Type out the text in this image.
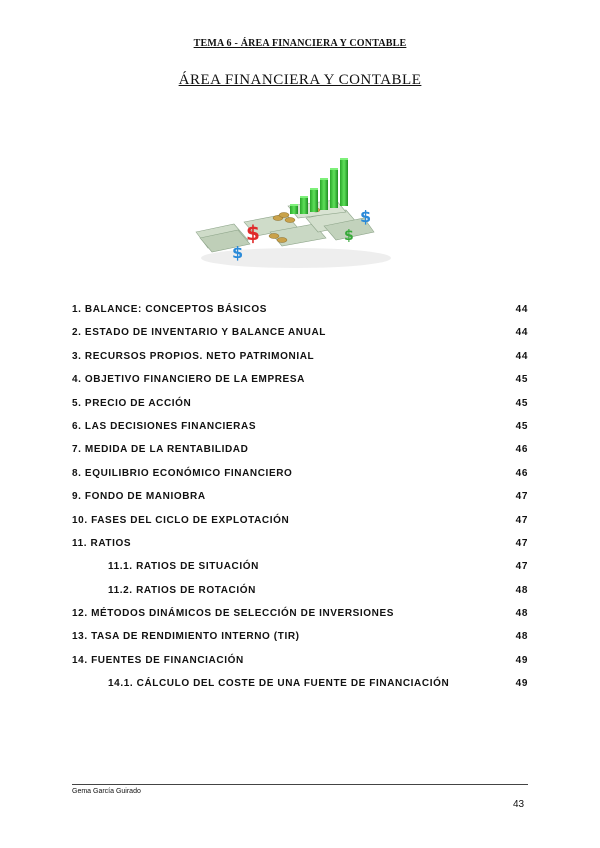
TEMA 6 - ÁREA FINANCIERA Y CONTABLE
ÁREA FINANCIERA Y CONTABLE
$
$
$
$
1. BALANCE: CONCEPTOS BÁSICOS	44
2. ESTADO DE INVENTARIO Y BALANCE ANUAL	44
3. RECURSOS PROPIOS. NETO PATRIMONIAL	44
4. OBJETIVO FINANCIERO DE LA EMPRESA	45
5. PRECIO DE ACCIÓN	45
6. LAS DECISIONES FINANCIERAS	45
7. MEDIDA DE LA RENTABILIDAD	46
8. EQUILIBRIO ECONÓMICO FINANCIERO	46
9. FONDO DE MANIOBRA	47
10. FASES DEL CICLO DE EXPLOTACIÓN	47
11. RATIOS	47
11.1. RATIOS DE SITUACIÓN	47
11.2. RATIOS DE ROTACIÓN	48
12. MÉTODOS DINÁMICOS DE SELECCIÓN DE INVERSIONES	48
13. TASA DE RENDIMIENTO INTERNO (TIR)	48
14. FUENTES DE FINANCIACIÓN	49
14.1. CÁLCULO DEL COSTE DE UNA FUENTE DE FINANCIACIÓN	49
Gema García Guirado
43
